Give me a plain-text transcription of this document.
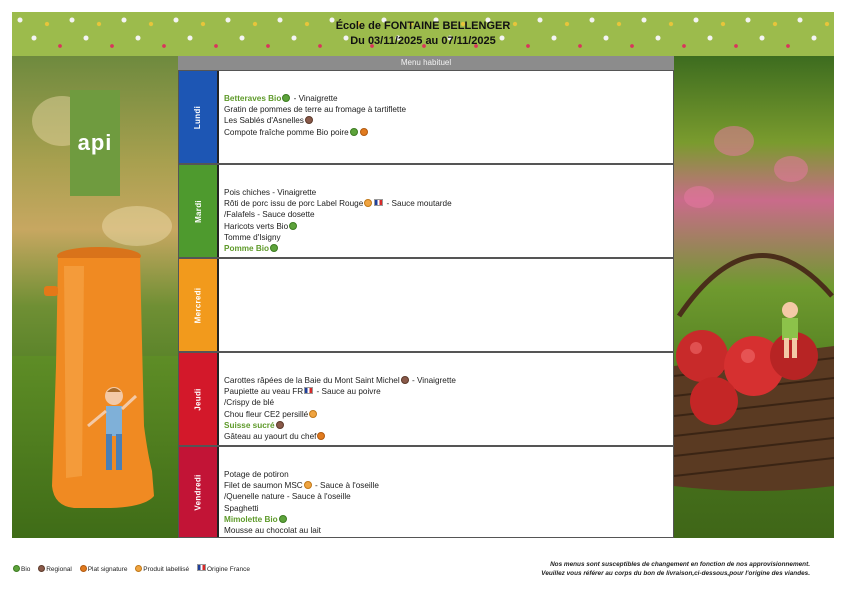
École de FONTAINE BELLENGER
Du 03/11/2025 au 07/11/2025
api
Menu habituel
Lundi
Betteraves Bio - Vinaigrette
Gratin de pommes de terre au fromage à tartiflette
Les Sablés d'Asnelles
Compote fraîche pomme Bio poire
Mardi
Pois chiches - Vinaigrette
Rôti de porc issu de porc Label Rouge	- Sauce moutarde
/Falafels - Sauce dosette
Haricots verts Bio
Tomme d'Isigny
Pomme Bio
Mercredi
Jeudi
Carottes râpées de la Baie du Mont Saint Michel - Vinaigrette
Paupiette au veau FR - Sauce au poivre
/Crispy de blé
Chou fleur CE2 persillé
Suisse sucré
Gâteau au yaourt du chef
Vendredi	Potage de potiron
Filet de saumon MSC - Sauce à l'oseille
/Quenelle nature - Sauce à l'oseille
Spaghetti
Mimolette Bio
Mousse au chocolat au lait
Bio Regional Plat signature Produit labellisé	Origine France
Nos menus sont susceptibles de changement en fonction de nos approvisionnement.
Veuillez vous référer au corps du bon de livraison,ci-dessous,pour l'origine des viandes.
